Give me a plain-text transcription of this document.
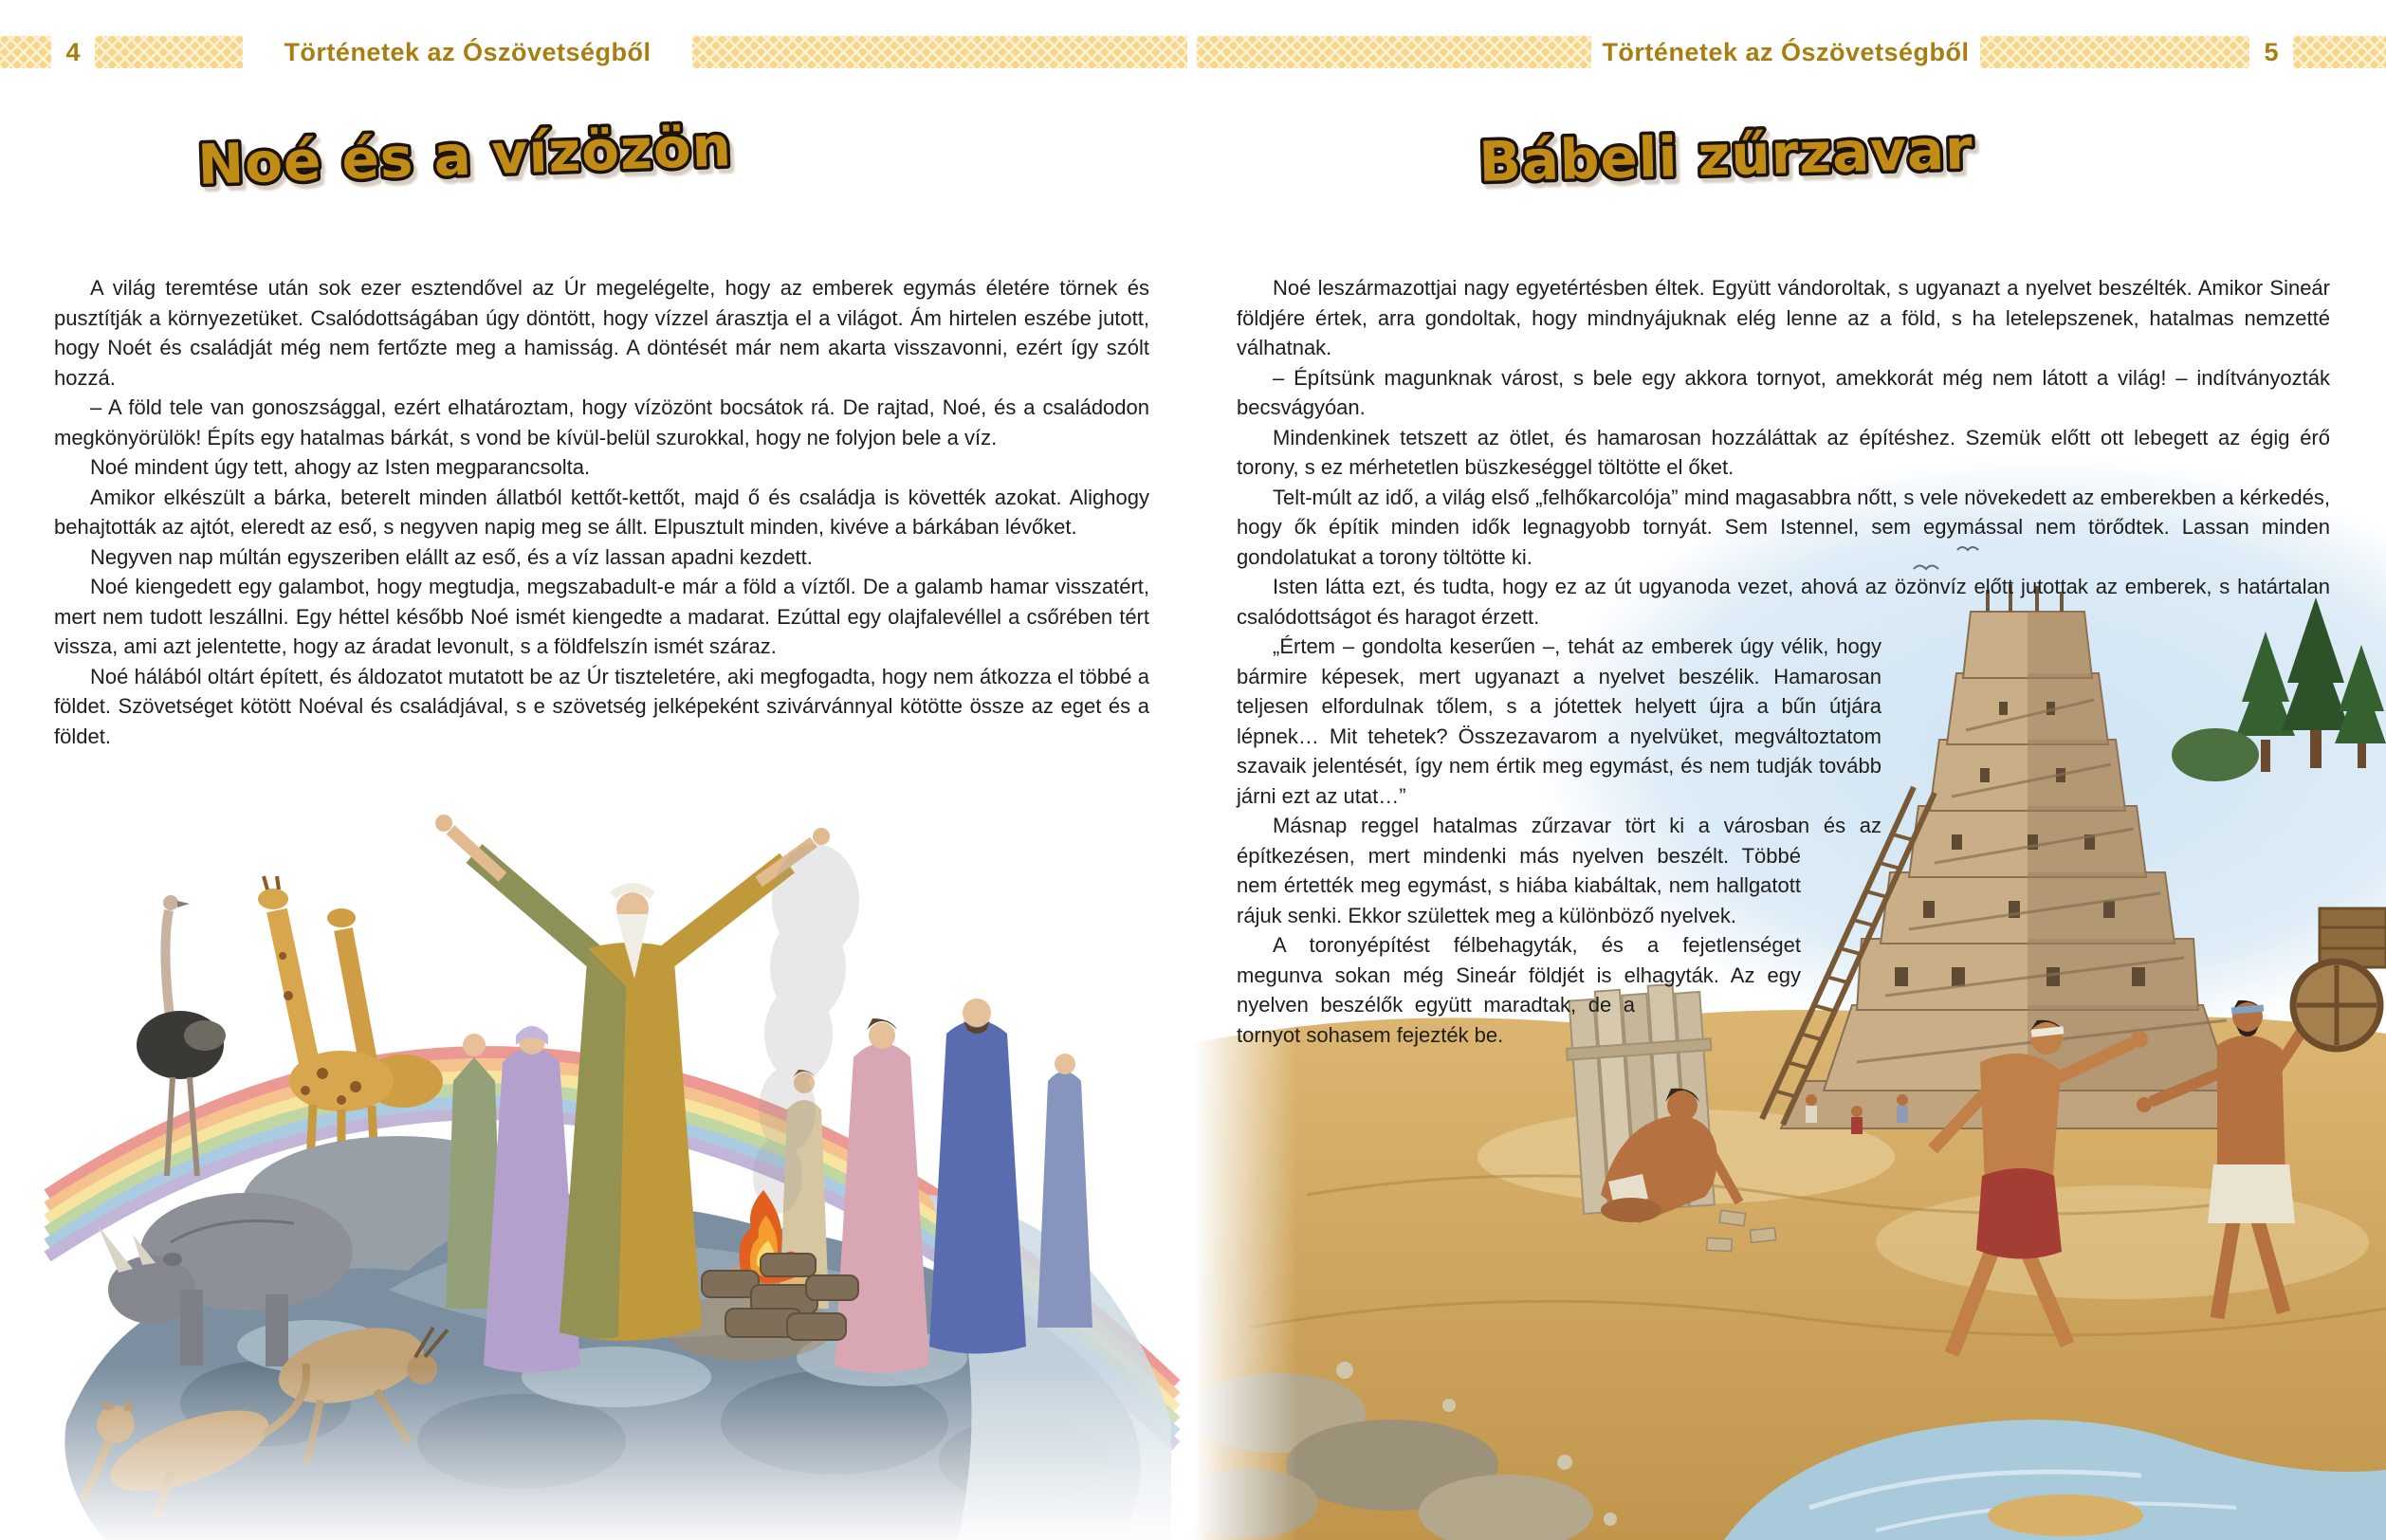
4	Történetek az Ószövetségből	Történetek az Ószövetségből	5
Noé és a vízözön	Bábeli zűrzavar

A világ teremtése után sok ezer esztendővel az Úr megelégelte, hogy az emberek egymás életére törnek és pusztítják a környezetüket. Csalódottságában úgy döntött, hogy vízzel árasztja el a világot. Ám hirtelen eszébe jutott, hogy Noét és családját még nem fertőzte meg a hamisság. A döntését már nem akarta visszavonni, ezért így szólt hozzá.

– A föld tele van gonoszsággal, ezért elhatároztam, hogy vízözönt bocsátok rá. De rajtad, Noé, és a családodon megkönyörülök! Építs egy hatalmas bárkát, s vond be kívül-belül szurokkal, hogy ne folyjon bele a víz.

Noé mindent úgy tett, ahogy az Isten megparancsolta.

Amikor elkészült a bárka, beterelt minden állatból kettőt-kettőt, majd ő és családja is követték azokat. Alighogy behajtották az ajtót, eleredt az eső, s negyven napig meg se állt. Elpusztult minden, kivéve a bárkában lévőket.

Negyven nap múltán egyszeriben elállt az eső, és a víz lassan apadni kezdett.

Noé kiengedett egy galambot, hogy megtudja, megszabadult-e már a föld a víztől. De a galamb hamar visszatért, mert nem tudott leszállni. Egy héttel később Noé ismét kiengedte a madarat. Ezúttal egy olajfalevéllel a csőrében tért vissza, ami azt jelentette, hogy az áradat levonult, s a földfelszín ismét száraz.

Noé hálából oltárt épített, és áldozatot mutatott be az Úr tiszteletére, aki megfogadta, hogy nem átkozza el többé a földet. Szövetséget kötött Noéval és családjával, s e szövetség jelképeként szivárvánnyal kötötte össze az eget és a földet.

Noé leszármazottjai nagy egyetértésben éltek. Együtt vándoroltak, s ugyanazt a nyelvet beszélték. Amikor Sineár földjére értek, arra gondoltak, hogy mindnyájuknak elég lenne az a föld, s ha letelepszenek, hatalmas nemzetté válhatnak.

– Építsünk magunknak várost, s bele egy akkora tornyot, amekkorát még nem látott a világ! – indítványozták becsvágyóan.

Mindenkinek tetszett az ötlet, és hamarosan hozzáláttak az építéshez. Szemük előtt ott lebegett az égig érő torony, s ez mérhetetlen büszkeséggel töltötte el őket.

Telt-múlt az idő, a világ első „felhőkarcolója” mind magasabbra nőtt, s vele növekedett az emberekben a kérkedés, hogy ők építik minden idők legnagyobb tornyát. Sem Istennel, sem egymással nem törődtek. Lassan minden gondolatukat a torony töltötte ki.

Isten látta ezt, és tudta, hogy ez az út ugyanoda vezet, ahová az özönvíz előtt jutottak az emberek, s határtalan csalódottságot és haragot érzett.

„Értem – gondolta keserűen –, tehát az emberek úgy vélik, hogy bármire képesek, mert ugyanazt a nyelvet beszélik. Hamarosan teljesen elfordulnak tőlem, s a jótettek helyett újra a bűn útjára lépnek… Mit tehetek? Összezavarom a nyelvüket, megváltoztatom szavaik jelentését, így nem értik meg egymást, és nem tudják tovább járni ezt az utat…”

Másnap reggel hatalmas zűrzavar tört ki a városban és az építkezésen, mert mindenki más nyelven beszélt. Többé nem értették meg egymást, s hiába kiabáltak, nem hallgatott rájuk senki. Ekkor születtek meg a különböző nyelvek.

A toronyépítést félbehagyták, és a fejetlenséget megunva sokan még Sineár földjét is elhagyták. Az egy nyelven beszélők együtt maradtak, de a tornyot sohasem fejezték be.
